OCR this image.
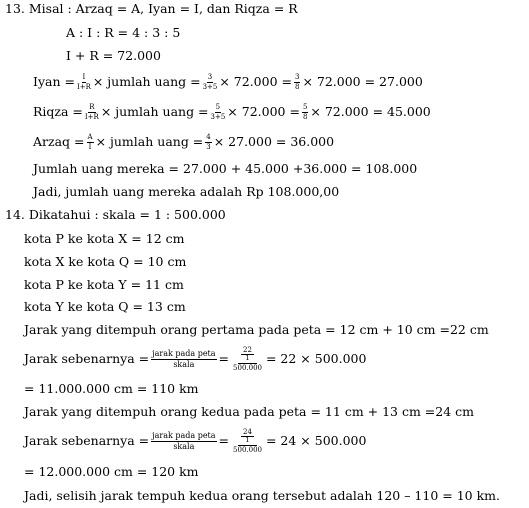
13. Misal : Arzaq = A, Iyan = I, dan Riqza = R
A : I : R = 4 : 3 : 5
I + R = 72.000
Iyan = $\frac{I}{I+R}$ × jumlah uang = $\frac{3}{3+5} \times 72.000 = \frac{3}{8} \times 72.000 = 27.000$
Riqza = $\frac{R}{I+R}$ × jumlah uang = $\frac{5}{3+5} \times 72.000 = \frac{5}{8} \times 72.000 = 45.000$
Arzaq = $\frac{A}{I}$ × jumlah uang = $\frac{4}{3} \times 27.000 = 36.000$
Jumlah uang mereka = 27.000 + 45.000 +36.000 = 108.000
Jadi, jumlah uang mereka adalah Rp 108.000,00
14. Dikatahui : skala = 1 : 500.000
kota P ke kota X = 12 cm
kota X ke kota Q = 10 cm
kota P ke kota Y = 11 cm
kota Y ke kota Q = 13 cm
Jarak yang ditempuh orang pertama pada peta = 12 cm + 10 cm =22 cm
Jarak sebenarnya = $\frac{\text{jarak pada peta}}{\text{skala}} = \frac{\frac{22}{1}}{500.000} = 22 \times 500.000$
= 11.000.000 cm = 110 km
Jarak yang ditempuh orang kedua pada peta = 11 cm + 13 cm =24 cm
Jarak sebenarnya = $\frac{\text{jarak pada peta}}{\text{skala}} = \frac{\frac{24}{1}}{500.000} = 24 \times 500.000$
= 12.000.000 cm = 120 km
Jadi, selisih jarak tempuh kedua orang tersebut adalah 120 – 110 = 10 km.
